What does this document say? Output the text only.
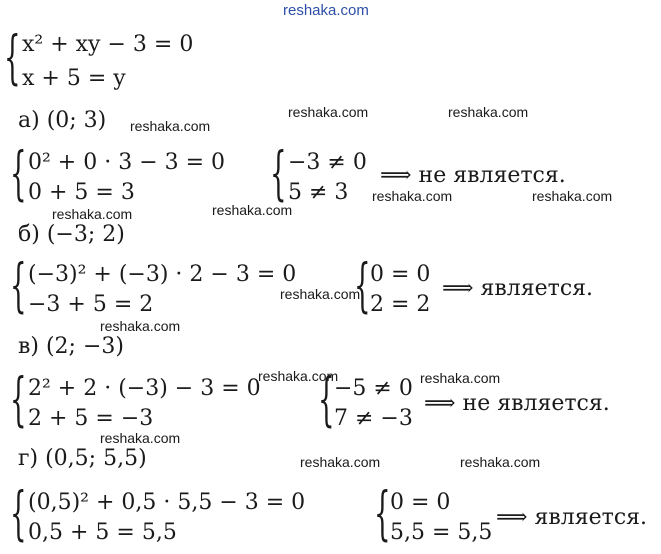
reshaka.com
{ x² + xy − 3 = 0
x + 5 = y
а) (0; 3)
{ 0² + 0 · 3 − 3 = 0
0 + 5 = 3 { −3 ≠ 0
5 ≠ 3
⟹ не является.
б) (−3; 2)
{ (−3)² + (−3) · 2 − 3 = 0
−3 + 5 = 2	{ 0 = 0
2 = 2
⟹ является.
в) (2; −3)
{ 2² + 2 · (−3) − 3 = 0
2 + 5 = −3	{ −5 ≠ 0
7 ≠ −3
⟹ не является.
г) (0,5; 5,5)
{ (0,5)² + 0,5 · 5,5 − 3 = 0
0,5 + 5 = 5,5	{ 0 = 0
5,5 = 5,5
⟹ является.
reshaka.com
reshaka.com	reshaka.com
reshaka.com	reshaka.com
reshaka.com	reshaka.com
reshaka.com
reshaka.com
reshaka.com	reshaka.com
reshaka.com
reshaka.com	reshaka.com
